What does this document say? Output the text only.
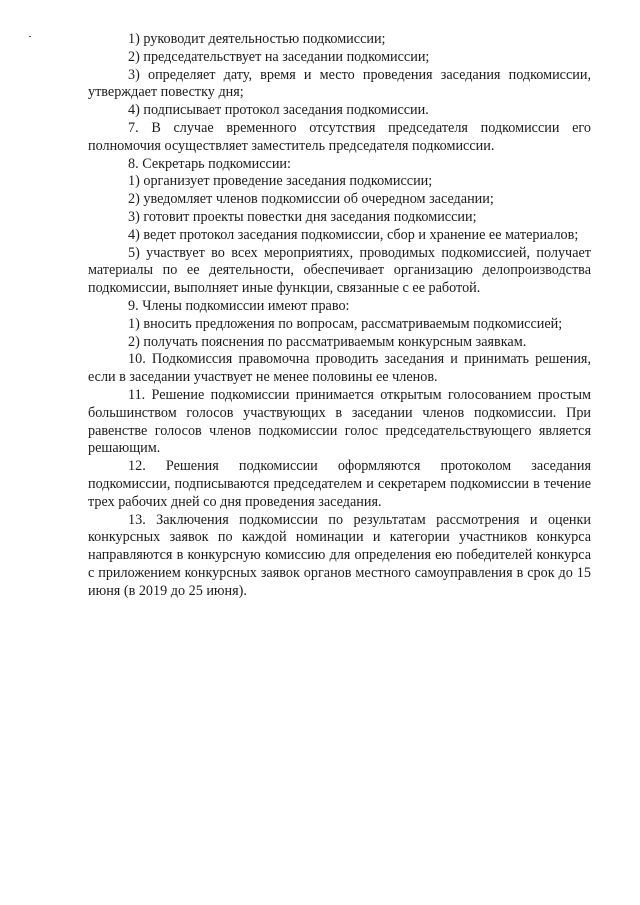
1) руководит деятельностью подкомиссии;

2) председательствует на заседании подкомиссии;

3) определяет дату, время и место проведения заседания подкомиссии, утверждает повестку дня;

4) подписывает протокол заседания подкомиссии.

7. В случае временного отсутствия председателя подкомиссии его полномочия осуществляет заместитель председателя подкомиссии.

8. Секретарь подкомиссии:

1) организует проведение заседания подкомиссии;

2) уведомляет членов подкомиссии об очередном заседании;

3) готовит проекты повестки дня заседания подкомиссии;

4) ведет протокол заседания подкомиссии, сбор и хранение ее материалов;

5) участвует во всех мероприятиях, проводимых подкомиссией, получает материалы по ее деятельности, обеспечивает организацию делопроизводства подкомиссии, выполняет иные функции, связанные с ее работой.

9. Члены подкомиссии имеют право:

1) вносить предложения по вопросам, рассматриваемым подкомиссией;

2) получать пояснения по рассматриваемым конкурсным заявкам.

10. Подкомиссия правомочна проводить заседания и принимать решения, если в заседании участвует не менее половины ее членов.

11. Решение подкомиссии принимается открытым голосованием простым большинством голосов участвующих в заседании членов подкомиссии. При равенстве голосов членов подкомиссии голос председательствующего является решающим.

12. Решения подкомиссии оформляются протоколом заседания подкомиссии, подписываются председателем и секретарем подкомиссии в течение трех рабочих дней со дня проведения заседания.

13. Заключения подкомиссии по результатам рассмотрения и оценки конкурсных заявок по каждой номинации и категории участников конкурса направляются в конкурсную комиссию для определения ею победителей конкурса с приложением конкурсных заявок органов местного самоуправления в срок до 15 июня (в 2019 до 25 июня).
